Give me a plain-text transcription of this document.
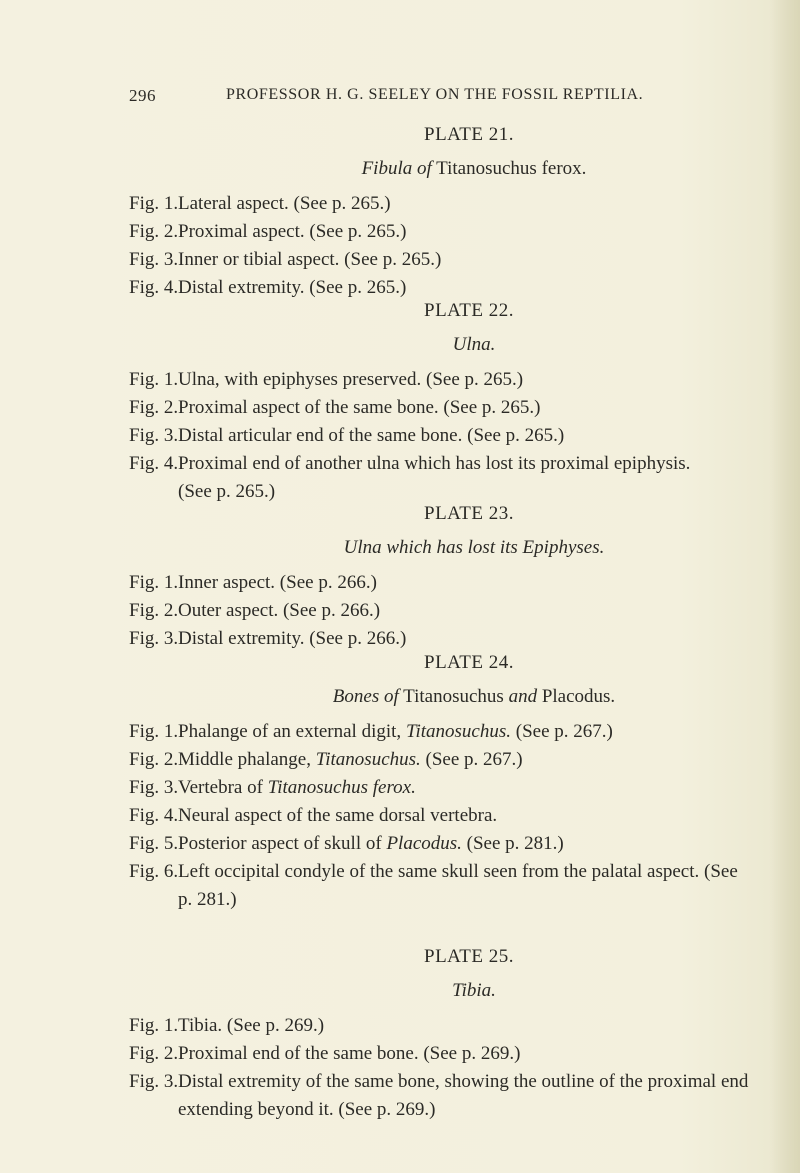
296	PROFESSOR H. G. SEELEY ON THE FOSSIL REPTILIA.
PLATE 21.
Fibula of Titanosuchus ferox.
Fig. 1. Lateral aspect. (See p. 265.)
Fig. 2. Proximal aspect. (See p. 265.)
Fig. 3. Inner or tibial aspect. (See p. 265.)
Fig. 4. Distal extremity. (See p. 265.)
PLATE 22.
Ulna.
Fig. 1. Ulna, with epiphyses preserved. (See p. 265.)
Fig. 2. Proximal aspect of the same bone. (See p. 265.)
Fig. 3. Distal articular end of the same bone. (See p. 265.)
Fig. 4. Proximal end of another ulna which has lost its proximal epiphysis.
(See p. 265.)
PLATE 23.
Ulna which has lost its Epiphyses.
Fig. 1. Inner aspect. (See p. 266.)
Fig. 2. Outer aspect. (See p. 266.)
Fig. 3. Distal extremity. (See p. 266.)
PLATE 24.
Bones of Titanosuchus and Placodus.
Fig. 1. Phalange of an external digit, Titanosuchus. (See p. 267.)
Fig. 2. Middle phalange, Titanosuchus. (See p. 267.)
Fig. 3. Vertebra of Titanosuchus ferox.
Fig. 4. Neural aspect of the same dorsal vertebra.
Fig. 5. Posterior aspect of skull of Placodus. (See p. 281.)
Fig. 6. Left occipital condyle of the same skull seen from the palatal aspect. (See
p. 281.)
PLATE 25.
Tibia.
Fig. 1. Tibia. (See p. 269.)
Fig. 2. Proximal end of the same bone. (See p. 269.)
Fig. 3. Distal extremity of the same bone, showing the outline of the proximal end
extending beyond it. (See p. 269.)
